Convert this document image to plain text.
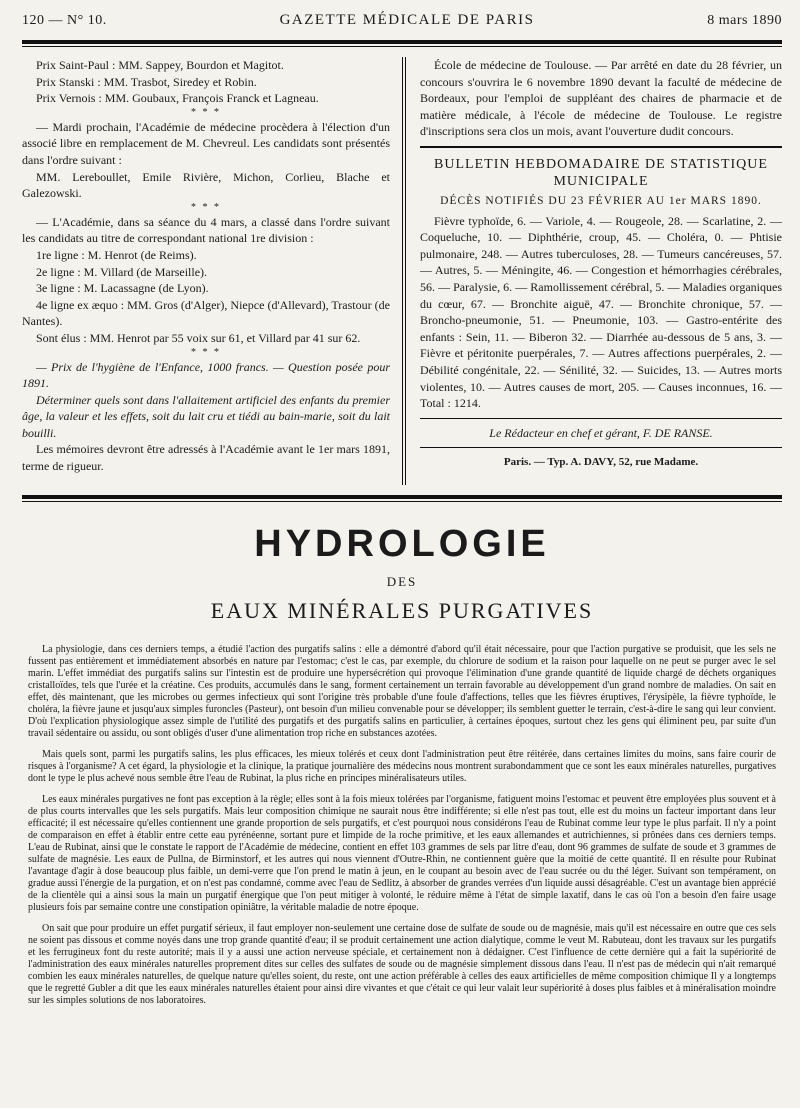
120 — N° 10.	GAZETTE MÉDICALE DE PARIS	8 mars 1890

Prix Saint-Paul : MM. Sappey, Bourdon et Magitot.

Prix Stanski : MM. Trasbot, Siredey et Robin.

Prix Vernois : MM. Goubaux, François Franck et Lagneau.

* * *

— Mardi prochain, l'Académie de médecine procèdera à l'élection d'un associé libre en remplacement de M. Chevreul. Les candidats sont présentés dans l'ordre suivant :

MM. Lereboullet, Emile Rivière, Michon, Corlieu, Blache et Galezowski.

* * *

— L'Académie, dans sa séance du 4 mars, a classé dans l'ordre suivant les candidats au titre de correspondant national 1re division :

1re ligne : M. Henrot (de Reims).

2e ligne : M. Villard (de Marseille).

3e ligne : M. Lacassagne (de Lyon).

4e ligne ex æquo : MM. Gros (d'Alger), Niepce (d'Allevard), Trastour (de Nantes).

Sont élus : MM. Henrot par 55 voix sur 61, et Villard par 41 sur 62.

* * *

— Prix de l'hygiène de l'Enfance, 1000 francs. — Question posée pour 1891.

Déterminer quels sont dans l'allaitement artificiel des enfants du premier âge, la valeur et les effets, soit du lait cru et tiédi au bain-marie, soit du lait bouilli.

Les mémoires devront être adressés à l'Académie avant le 1er mars 1891, terme de rigueur.

École de médecine de Toulouse. — Par arrêté en date du 28 février, un concours s'ouvrira le 6 novembre 1890 devant la faculté de médecine de Bordeaux, pour l'emploi de suppléant des chaires de pharmacie et de matière médicale, à l'école de médecine de Toulouse. Le registre d'inscriptions sera clos un mois, avant l'ouverture dudit concours.

BULLETIN HEBDOMADAIRE DE STATISTIQUE
MUNICIPALE
DÉCÈS NOTIFIÉS DU 23 FÉVRIER AU 1er MARS 1890.

Fièvre typhoïde, 6. — Variole, 4. — Rougeole, 28. — Scarlatine, 2. — Coqueluche, 10. — Diphthérie, croup, 45. — Choléra, 0. — Phtisie pulmonaire, 248. — Autres tuberculoses, 28. — Tumeurs cancéreuses, 57. — Autres, 5. — Méningite, 46. — Congestion et hémorrhagies cérébrales, 56. — Paralysie, 6. — Ramollissement cérébral, 5. — Maladies organiques du cœur, 67. — Bronchite aiguë, 47. — Bronchite chronique, 57. — Broncho-pneumonie, 51. — Pneumonie, 103. — Gastro-entérite des enfants : Sein, 11. — Biberon 32. — Diarrhée au-dessous de 5 ans, 3. — Fièvre et péritonite puerpérales, 7. — Autres affections puerpérales, 2. — Débilité congénitale, 22. — Sénilité, 32. — Suicides, 13. — Autres morts violentes, 10. — Autres causes de mort, 205. — Causes inconnues, 16. — Total : 1214.

Le Rédacteur en chef et gérant, F. DE RANSE.
Paris. — Typ. A. DAVY, 52, rue Madame.
HYDROLOGIE
DES
EAUX MINÉRALES PURGATIVES

La physiologie, dans ces derniers temps, a étudié l'action des purgatifs salins : elle a démontré d'abord qu'il était nécessaire, pour que l'action purgative se produisit, que les sels ne fussent pas entièrement et immédiatement absorbés en nature par l'estomac; c'est le cas, par exemple, du chlorure de sodium et la raison pour laquelle on ne peut se purger avec le sel marin. L'effet immédiat des purgatifs salins sur l'intestin est de produire une hypersécrétion qui provoque l'élimination d'une grande quantité de liquide chargé de déchets organiques cristalloïdes, tels que l'urée et la créatine. Ces produits, accumulés dans le sang, forment certainement un terrain favorable au développement d'un grand nombre de maladies. On sait en effet, dès maintenant, que les microbes ou germes infectieux qui sont l'origine très probable d'une foule d'affections, telles que les fièvres éruptives, l'érysipèle, la fièvre typhoïde, le choléra, la fièvre jaune et jusqu'aux simples furoncles (Pasteur), ont besoin d'un milieu convenable pour se développer; ils semblent guetter le terrain, c'est-à-dire le sang qui leur convient. D'où l'explication physiologique assez simple de l'utilité des purgatifs et des purgatifs salins en particulier, à certaines époques, surtout chez les gens qui éliminent peu, par suite d'un travail sédentaire ou assidu, ou sont obligés d'user d'une alimentation trop riche en substances azotées.

Mais quels sont, parmi les purgatifs salins, les plus efficaces, les mieux tolérés et ceux dont l'administration peut être réitérée, dans certaines limites du moins, sans faire courir de risques à l'organisme? A cet égard, la physiologie et la clinique, la pratique journalière des médecins nous montrent surabondamment que ce sont les eaux minérales naturelles, purgatives dont le type le plus achevé nous semble être l'eau de Rubinat, la plus riche en principes minéralisateurs utiles.

Les eaux minérales purgatives ne font pas exception à la règle; elles sont à la fois mieux tolérées par l'organisme, fatiguent moins l'estomac et peuvent être employées plus souvent et à de plus courts intervalles que les sels purgatifs. Mais leur composition chimique ne saurait nous être indifférente; si elle n'est pas tout, elle est du moins un facteur important dans leur efficacité; il est nécessaire qu'elles contiennent une grande proportion de sels purgatifs, et c'est pourquoi nous considérons l'eau de Rubinat comme leur type le plus parfait. Il n'y a point de comparaison en effet à établir entre cette eau pyrénéenne, sortant pure et limpide de la roche primitive, et les eaux allemandes et autrichiennes, si prônées dans ces derniers temps. L'eau de Rubinat, ainsi que le constate le rapport de l'Académie de médecine, contient en effet 103 grammes de sels par litre d'eau, dont 96 grammes de sulfate de soude et 3 grammes de sulfate de magnésie. Les eaux de Pullna, de Birminstorf, et les autres qui nous viennent d'Outre-Rhin, ne contiennent guère que la moitié de cette quantité. Il en résulte pour Rubinat l'avantage d'agir à dose beaucoup plus faible, un demi-verre que l'on prend le matin à jeun, en le coupant au besoin avec de l'eau sucrée ou du thé léger. Suivant son tempérament, on gradue aussi l'énergie de la purgation, et on n'est pas condamné, comme avec l'eau de Sedlitz, à absorber de grandes verrées d'un liquide aussi désagréable. C'est un avantage bien apprécié de la clientèle qui a ainsi sous la main un purgatif énergique que l'on peut mitiger à volonté, le réduire même à l'état de simple laxatif, dans le cas où l'on a besoin d'en faire usage plusieurs fois par semaine contre une constipation opiniâtre, la véritable maladie de notre époque.

On sait que pour produire un effet purgatif sérieux, il faut employer non-seulement une certaine dose de sulfate de soude ou de magnésie, mais qu'il est nécessaire en outre que ces sels ne soient pas dissous et comme noyés dans une trop grande quantité d'eau; il se produit certainement une action dialytique, comme le veut M. Rabuteau, dont les travaux sur les purgatifs et les ferrugineux font du reste autorité; mais il y a aussi une action nerveuse spéciale, et certainement non à dédaigner. C'est l'influence de cette dernière qui a fait la supériorité de l'administration des eaux minérales naturelles proprement dites sur celles des sulfates de soude ou de magnésie simplement dissous dans l'eau. Il n'est pas de médecin qui n'ait remarqué combien les eaux minérales naturelles, de quelque nature qu'elles soient, du reste, ont une action préférable à celles des eaux artificielles de même composition chimique Il y a longtemps que le regretté Gubler a dit que les eaux minérales naturelles étaient pour ainsi dire vivantes et que c'était ce qui leur valait leur supériorité à doses plus faibles et à minéralisation moindre sur les simples solutions de nos laboratoires.
